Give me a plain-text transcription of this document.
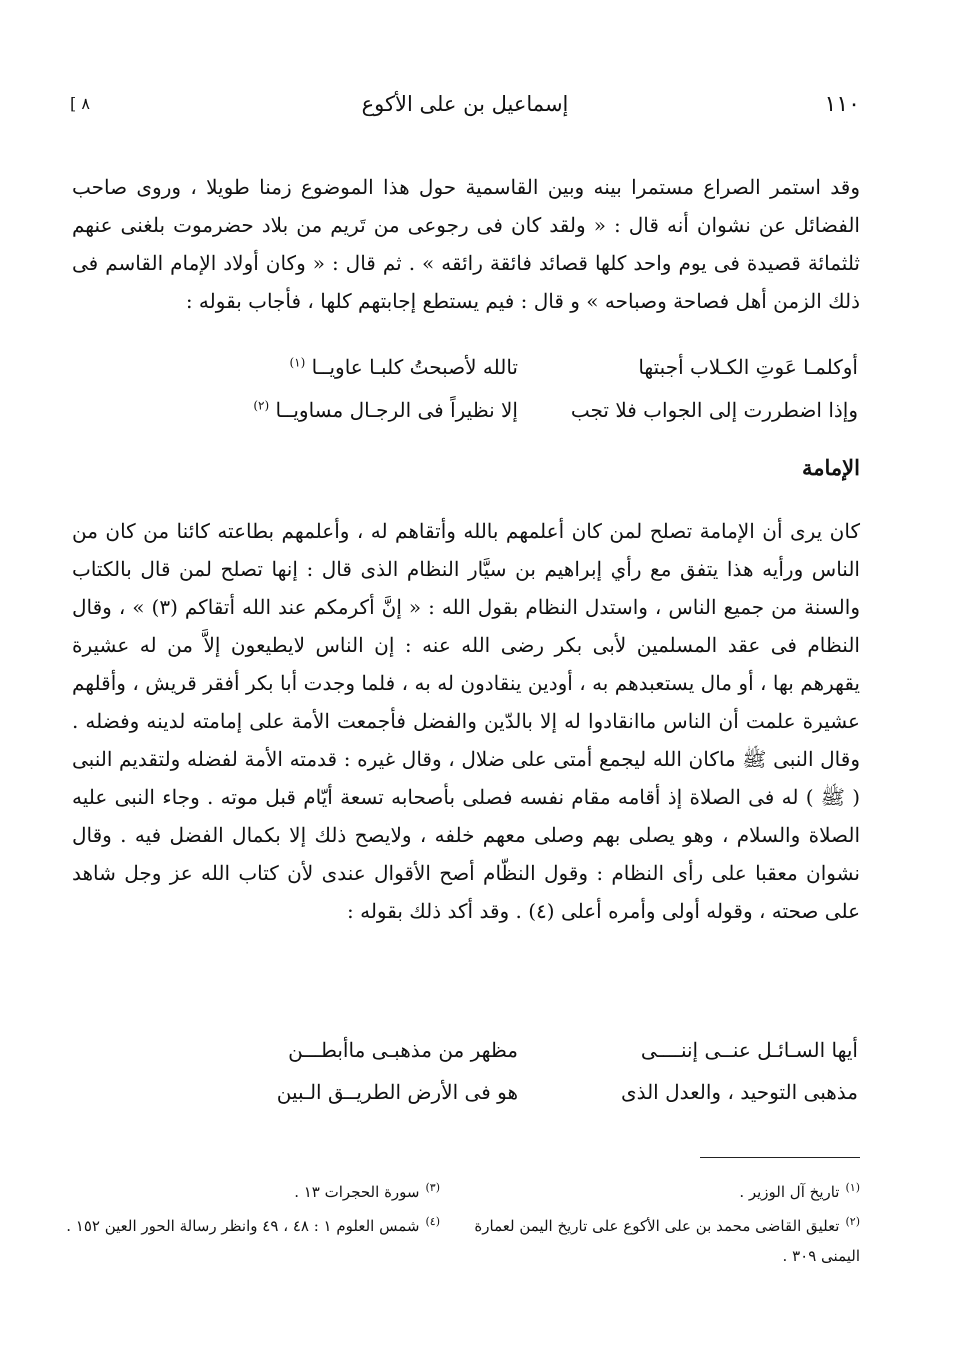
١١٠
إسماعيل بن على الأكوع
[ ٨

وقد استمر الصراع مستمرا بينه وبين القاسمية حول هذا الموضوع زمنا طويلا ، وروى صاحب الفضائل عن نشوان أنه قال : « ولقد كان فى رجوعى من تَريم من بلاد حضرموت بلغنى عنهم ثلثمائة قصيدة فى يوم واحد كلها قصائد فائقة رائقه » . ثم قال : « وكان أولاد الإمام القاسم فى ذلك الزمن أهل فصاحة وصباحه » و قال : فيم يستطع إجابتهم كلها ، فأجاب بقوله :

أوكلمـا عَوتِ الكـلاب أجبتها
تالله لأصبحتُ كلبـا عاويــا $^{(١)}$
وإذا اضطررت إلى الجواب فلا تجب
إلا نظيراً فى الرجـال مساويــا $^{(٢)}$
الإمامة

كان يرى أن الإمامة تصلح لمن كان أعلمهم بالله وأتقاهم له ، وأعلمهم بطاعته كائنا من كان من الناس ورأيه هذا يتفق مع رأي إبراهيم بن سيَّار النظام الذى قال : إنها تصلح لمن قال بالكتاب والسنة من جميع الناس ، واستدل النظام بقول الله : « إنَّ أكرمكم عند الله أتقاكم (٣) » ، وقال النظام فى عقد المسلمين لأبى بكر رضى الله عنه : إن الناس لايطيعون إلاَّ من له عشيرة يقهرهم بها ، أو مال يستعبدهم به ، أودين ينقادون له به ، فلما وجدت أبا بكر أفقر قريش ، وأقلهم عشيرة علمت أن الناس ماانقادوا له إلا بالدّين والفضل فأجمعت الأمة على إمامته لدينه وفضله . وقال النبى ﷺ ماكان الله ليجمع أمتى على ضلال ، وقال غيره : قدمته الأمة لفضله ولتقديم النبى ( ﷺ ) له فى الصلاة إذ أقامه مقام نفسه فصلى بأصحابه تسعة أيّام قبل موته . وجاء النبى عليه الصلاة والسلام ، وهو يصلى بهم وصلى معهم خلفه ، ولايصح ذلك إلا بكمال الفضل فيه . وقال نشوان معقبا على رأى النظام : وقول النظّام أصح الأقوال عندى لأن كتاب الله عز وجل شاهد على صحته ، وقوله أولى وأمره أعلى (٤) . وقد أكد ذلك بقوله :

أيها السـائـل عنــى إننــــى
مظهر من مذهبـى ماأبطـــن
مذهبى التوحيد ، والعدل الذى
هو فى الأرض الطريــق الـبين

$^{(١)}$تاريخ آل الوزير .

$^{(٢)}$تعليق القاضى محمد بن على الأكوع على تاريخ اليمن لعمارة اليمنى ٣٠٩ .

$^{(٣)}$سورة الحجرات ١٣ .

$^{(٤)}$شمس العلوم ١ : ٤٨ ، ٤٩ وانظر رسالة الحور العين ١٥٢ .
